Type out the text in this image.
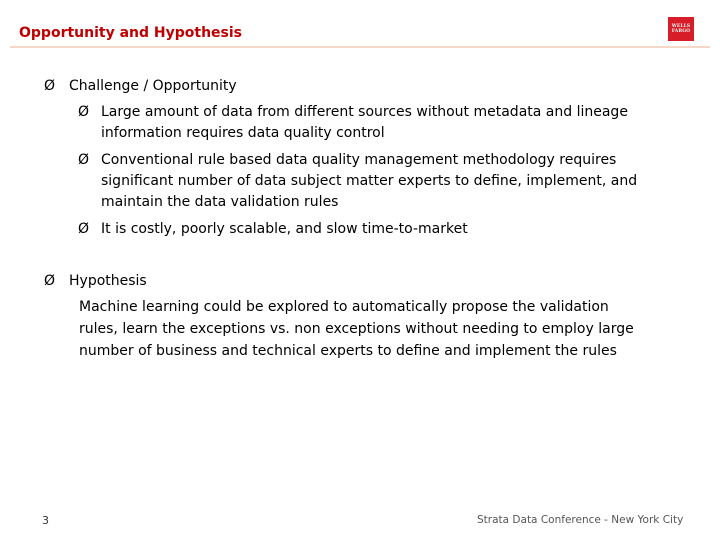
Opportunity and Hypothesis	WELLS
FARGO
Ø Challenge / Opportunity
Ø Large amount of data from different sources without metadata and lineage
information requires data quality control
Ø Conventional rule based data quality management methodology requires
significant number of data subject matter experts to define, implement, and
maintain the data validation rules
Ø It is costly, poorly scalable, and slow time-to-market
Ø Hypothesis
Machine learning could be explored to automatically propose the validation
rules, learn the exceptions vs. non exceptions without needing to employ large
number of business and technical experts to define and implement the rules
3	Strata Data Conference - New York City
